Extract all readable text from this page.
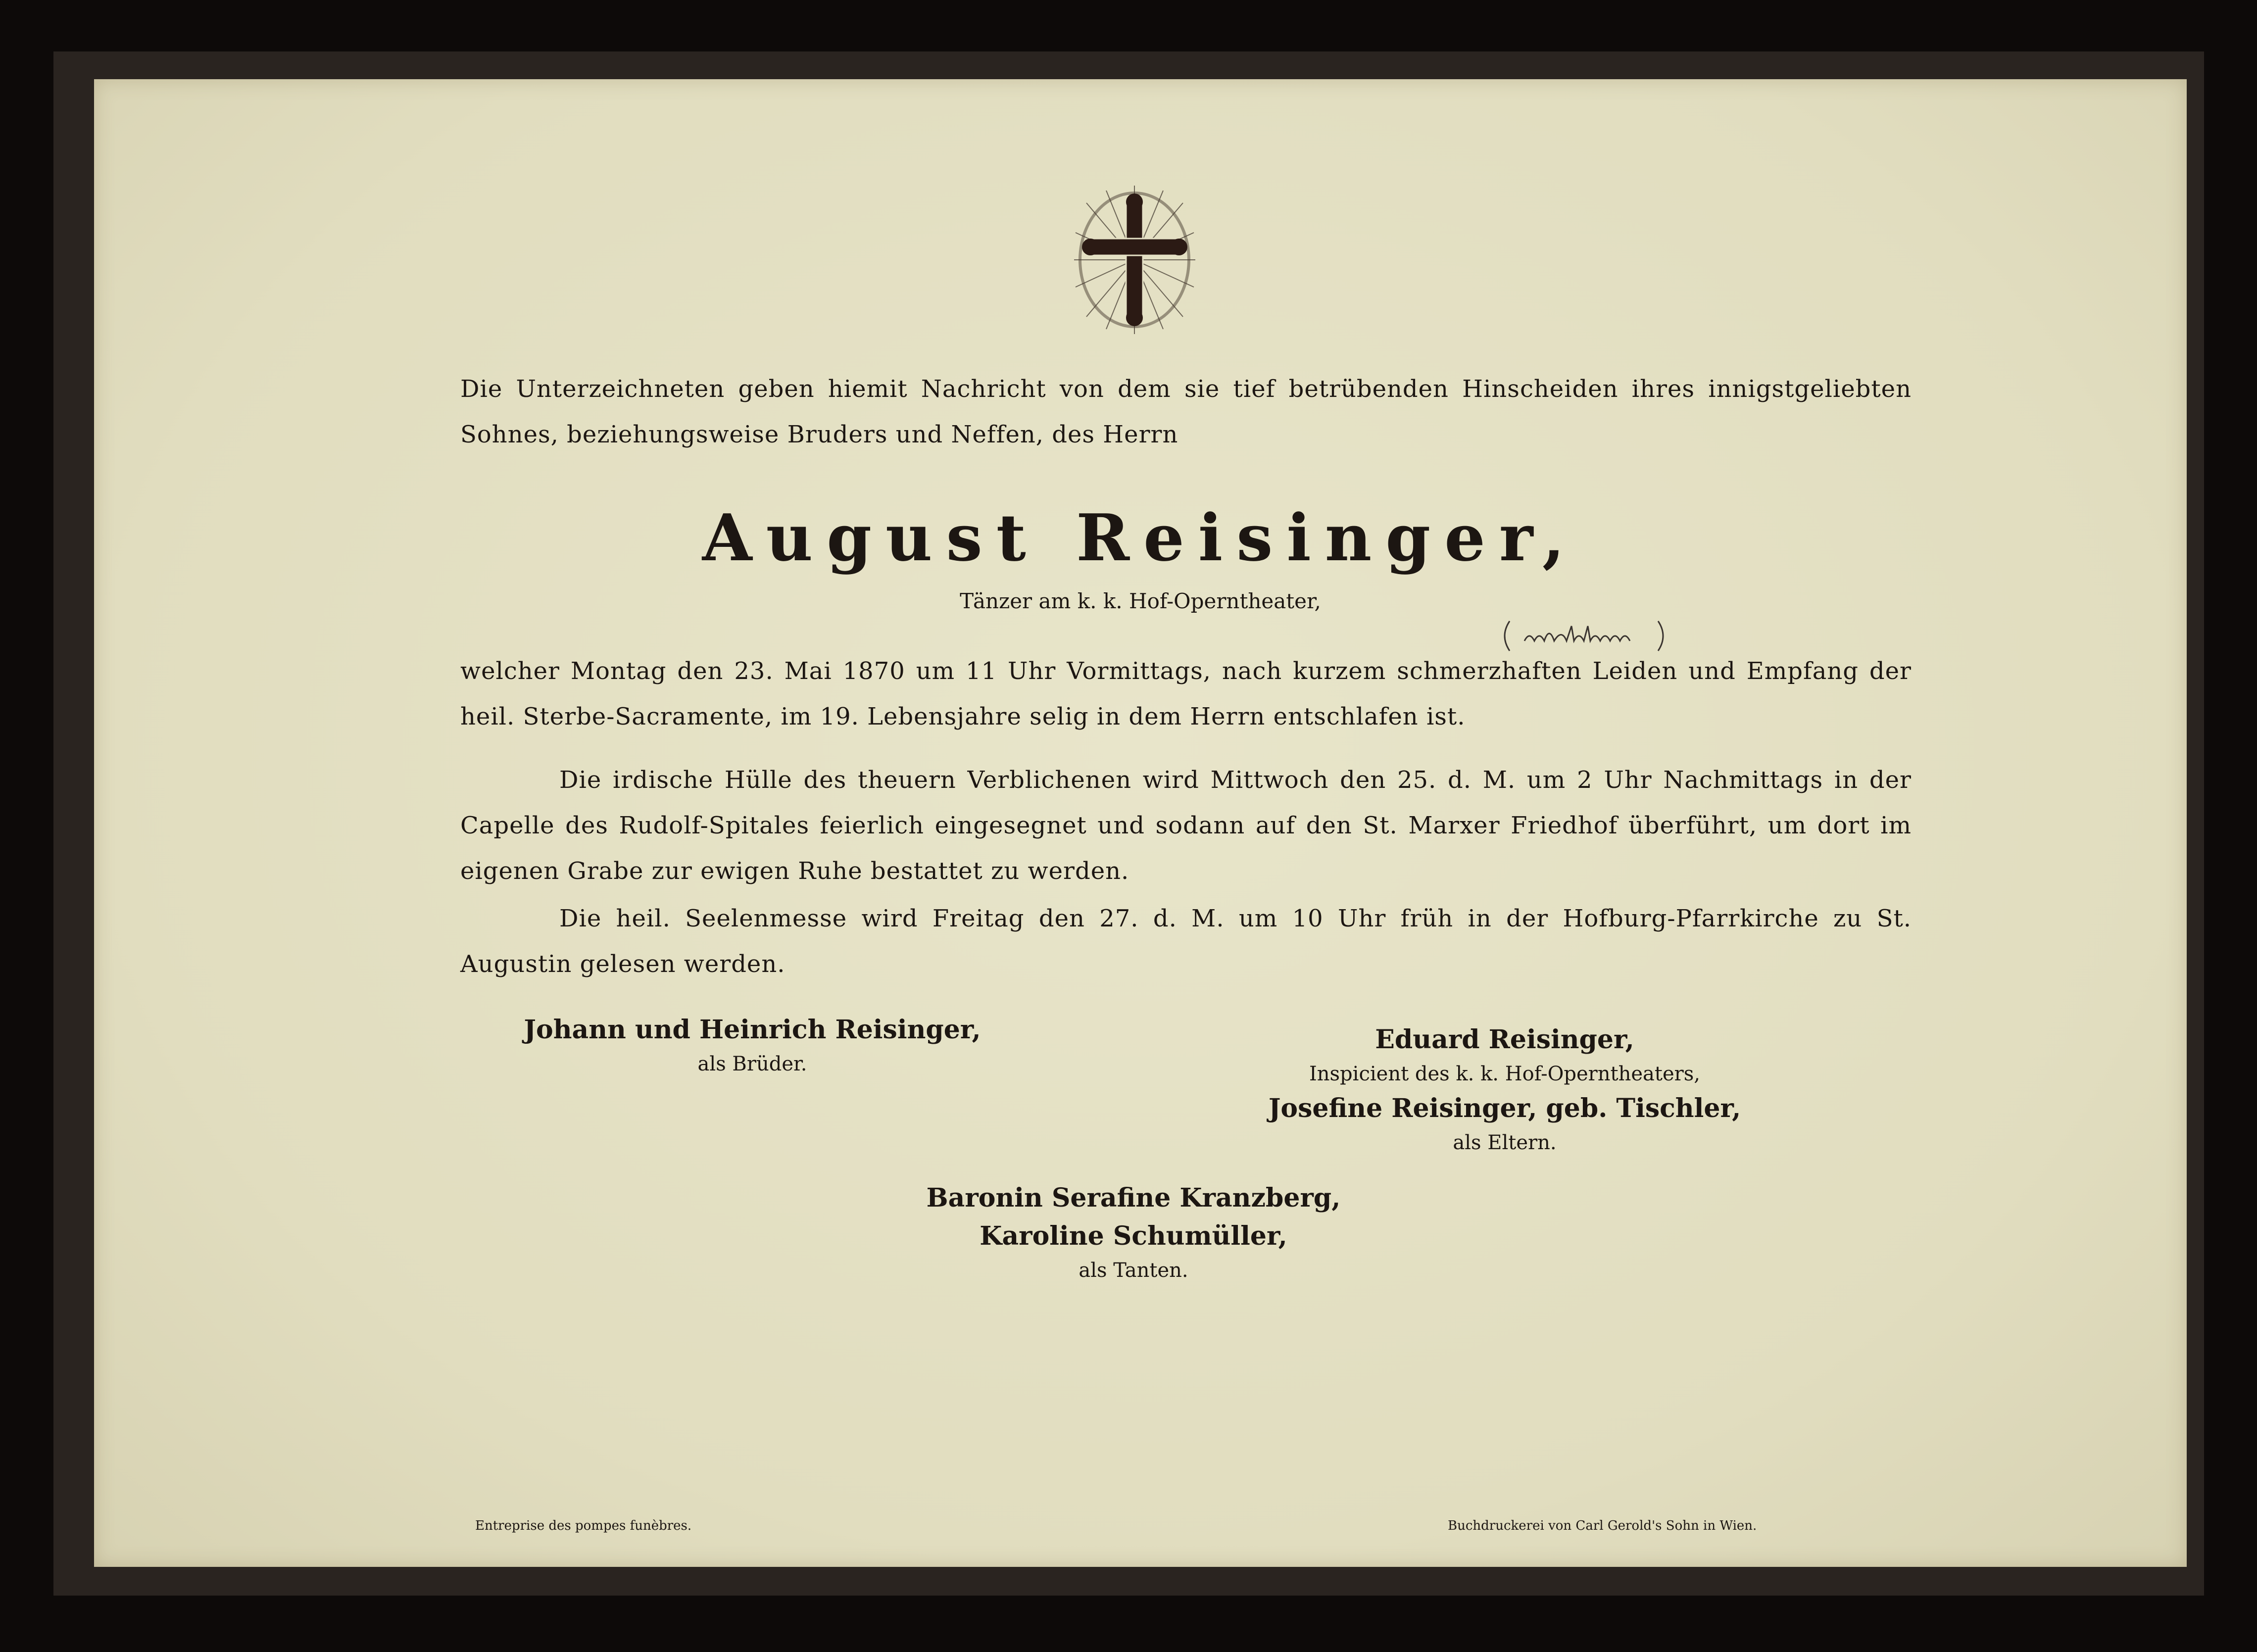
Die Unterzeichneten geben hiemit Nachricht von dem sie tief betrübenden Hinscheiden ihres innigstgeliebten Sohnes, beziehungsweise Bruders und Neffen, des Herrn
August Reisinger,
Tänzer am k. k. Hof-Operntheater,
welcher Montag den 23. Mai 1870 um 11 Uhr Vormittags, nach kurzem schmerzhaften Leiden und Empfang der heil. Sterbe-Sacramente, im 19. Lebensjahre selig in dem Herrn entschlafen ist.
Die irdische Hülle des theuern Verblichenen wird Mittwoch den 25. d. M. um 2 Uhr Nachmittags in der Capelle des Rudolf-Spitales feierlich eingesegnet und sodann auf den St. Marxer Friedhof überführt, um dort im eigenen Grabe zur ewigen Ruhe bestattet zu werden.
Die heil. Seelenmesse wird Freitag den 27. d. M. um 10 Uhr früh in der Hofburg-Pfarrkirche zu St. Augustin gelesen werden.
Johann und Heinrich Reisinger,
als Brüder.
Eduard Reisinger,
Inspicient des k. k. Hof-Operntheaters,
Josefine Reisinger, geb. Tischler,
als Eltern.
Baronin Serafine Kranzberg,
Karoline Schumüller,
als Tanten.
Entreprise des pompes funèbres.	Buchdruckerei von Carl Gerold's Sohn in Wien.
